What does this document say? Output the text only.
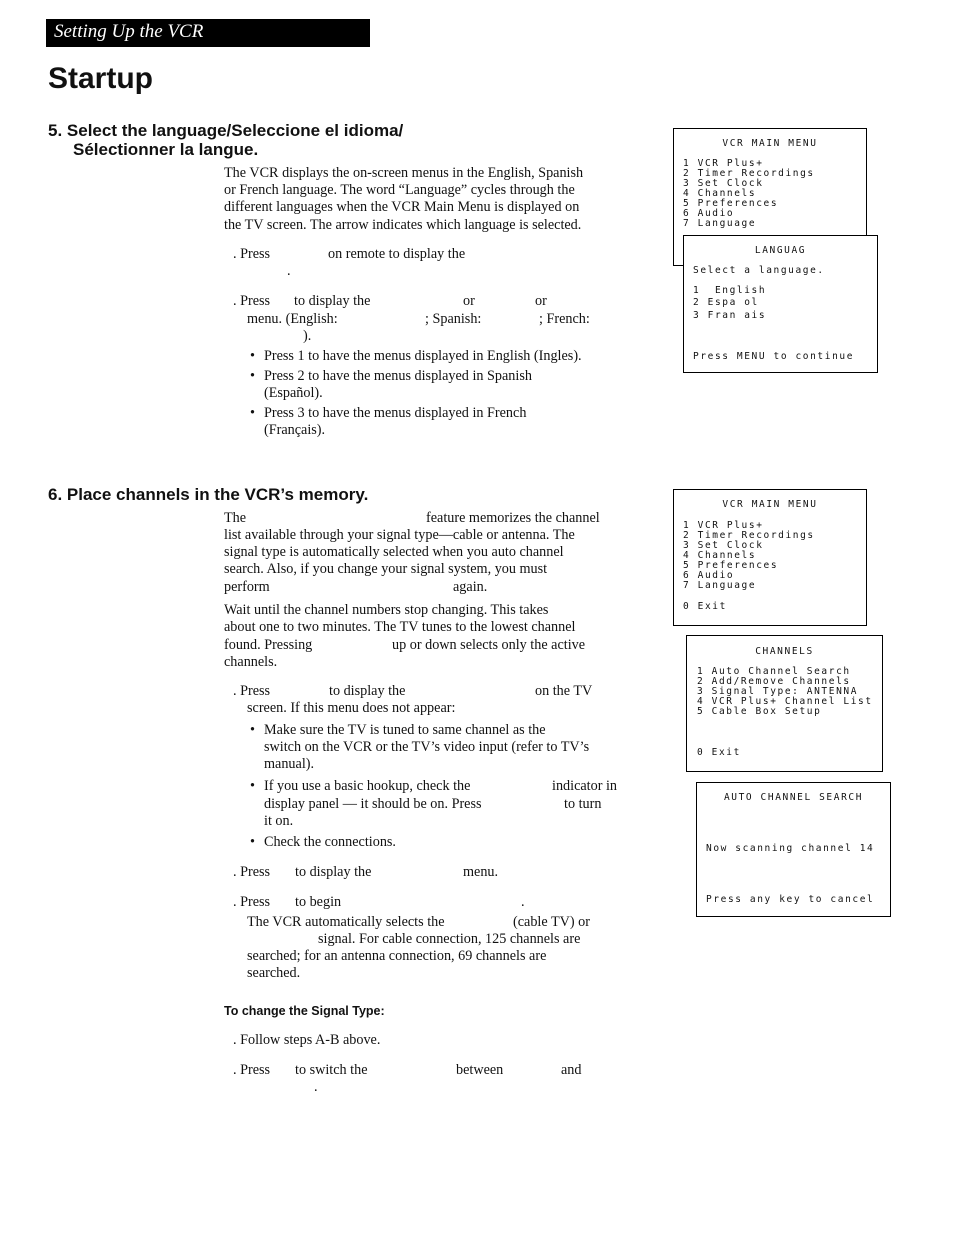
Setting Up the VCR
Startup
5. Select the language/Seleccione el idioma/
Sélectionner la langue.
The VCR displays the on-screen menus in the English, Spanish
or French language. The word “Language” cycles through the
different languages when the VCR Main Menu is displayed on
the TV screen. The arrow indicates which language is selected.
. Press	on remote to display the
.
. Press to display the	or	or
menu. (English:	; Spanish:	; French:
).
• Press 1 to have the menus displayed in English (Ingles).
• Press 2 to have the menus displayed in Spanish
(Español).
• Press 3 to have the menus displayed in French
(Français).
6. Place channels in the VCR’s memory.
The	feature memorizes the channel
list available through your signal type—cable or antenna. The
signal type is automatically selected when you auto channel
search. Also, if you change your signal system, you must
perform	again.
Wait until the channel numbers stop changing. This takes
about one to two minutes. The TV tunes to the lowest channel
found. Pressing	up or down selects only the active
channels.
. Press	to display the	on the TV
screen. If this menu does not appear:
• Make sure the TV is tuned to same channel as the
switch on the VCR or the TV’s video input (refer to TV’s
manual).
• If you use a basic hookup, check the	indicator in
display panel — it should be on. Press	to turn
it on.
• Check the connections.
. Press to display the	menu.
. Press to begin	.
The VCR automatically selects the	(cable TV) or
signal. For cable connection, 125 channels are
searched; for an antenna connection, 69 channels are
searched.
To change the Signal Type:
. Follow steps A-B above.
. Press to switch the	between	and
.

VCR MAIN MENU

1 VCR Plus+

2 Timer Recordings

3 Set Clock

4 Channels

5 Preferences

6 Audio

7 Language

LANGUAG

Select a language.

1  English

2 Espa ol

3 Fran ais

Press MENU to continue

VCR MAIN MENU

1 VCR Plus+

2 Timer Recordings

3 Set Clock

4 Channels

5 Preferences

6 Audio

7 Language

0 Exit

CHANNELS

1 Auto Channel Search

2 Add/Remove Channels

3 Signal Type: ANTENNA

4 VCR Plus+ Channel List

5 Cable Box Setup

0 Exit

AUTO CHANNEL SEARCH

Now scanning channel 14

Press any key to cancel
